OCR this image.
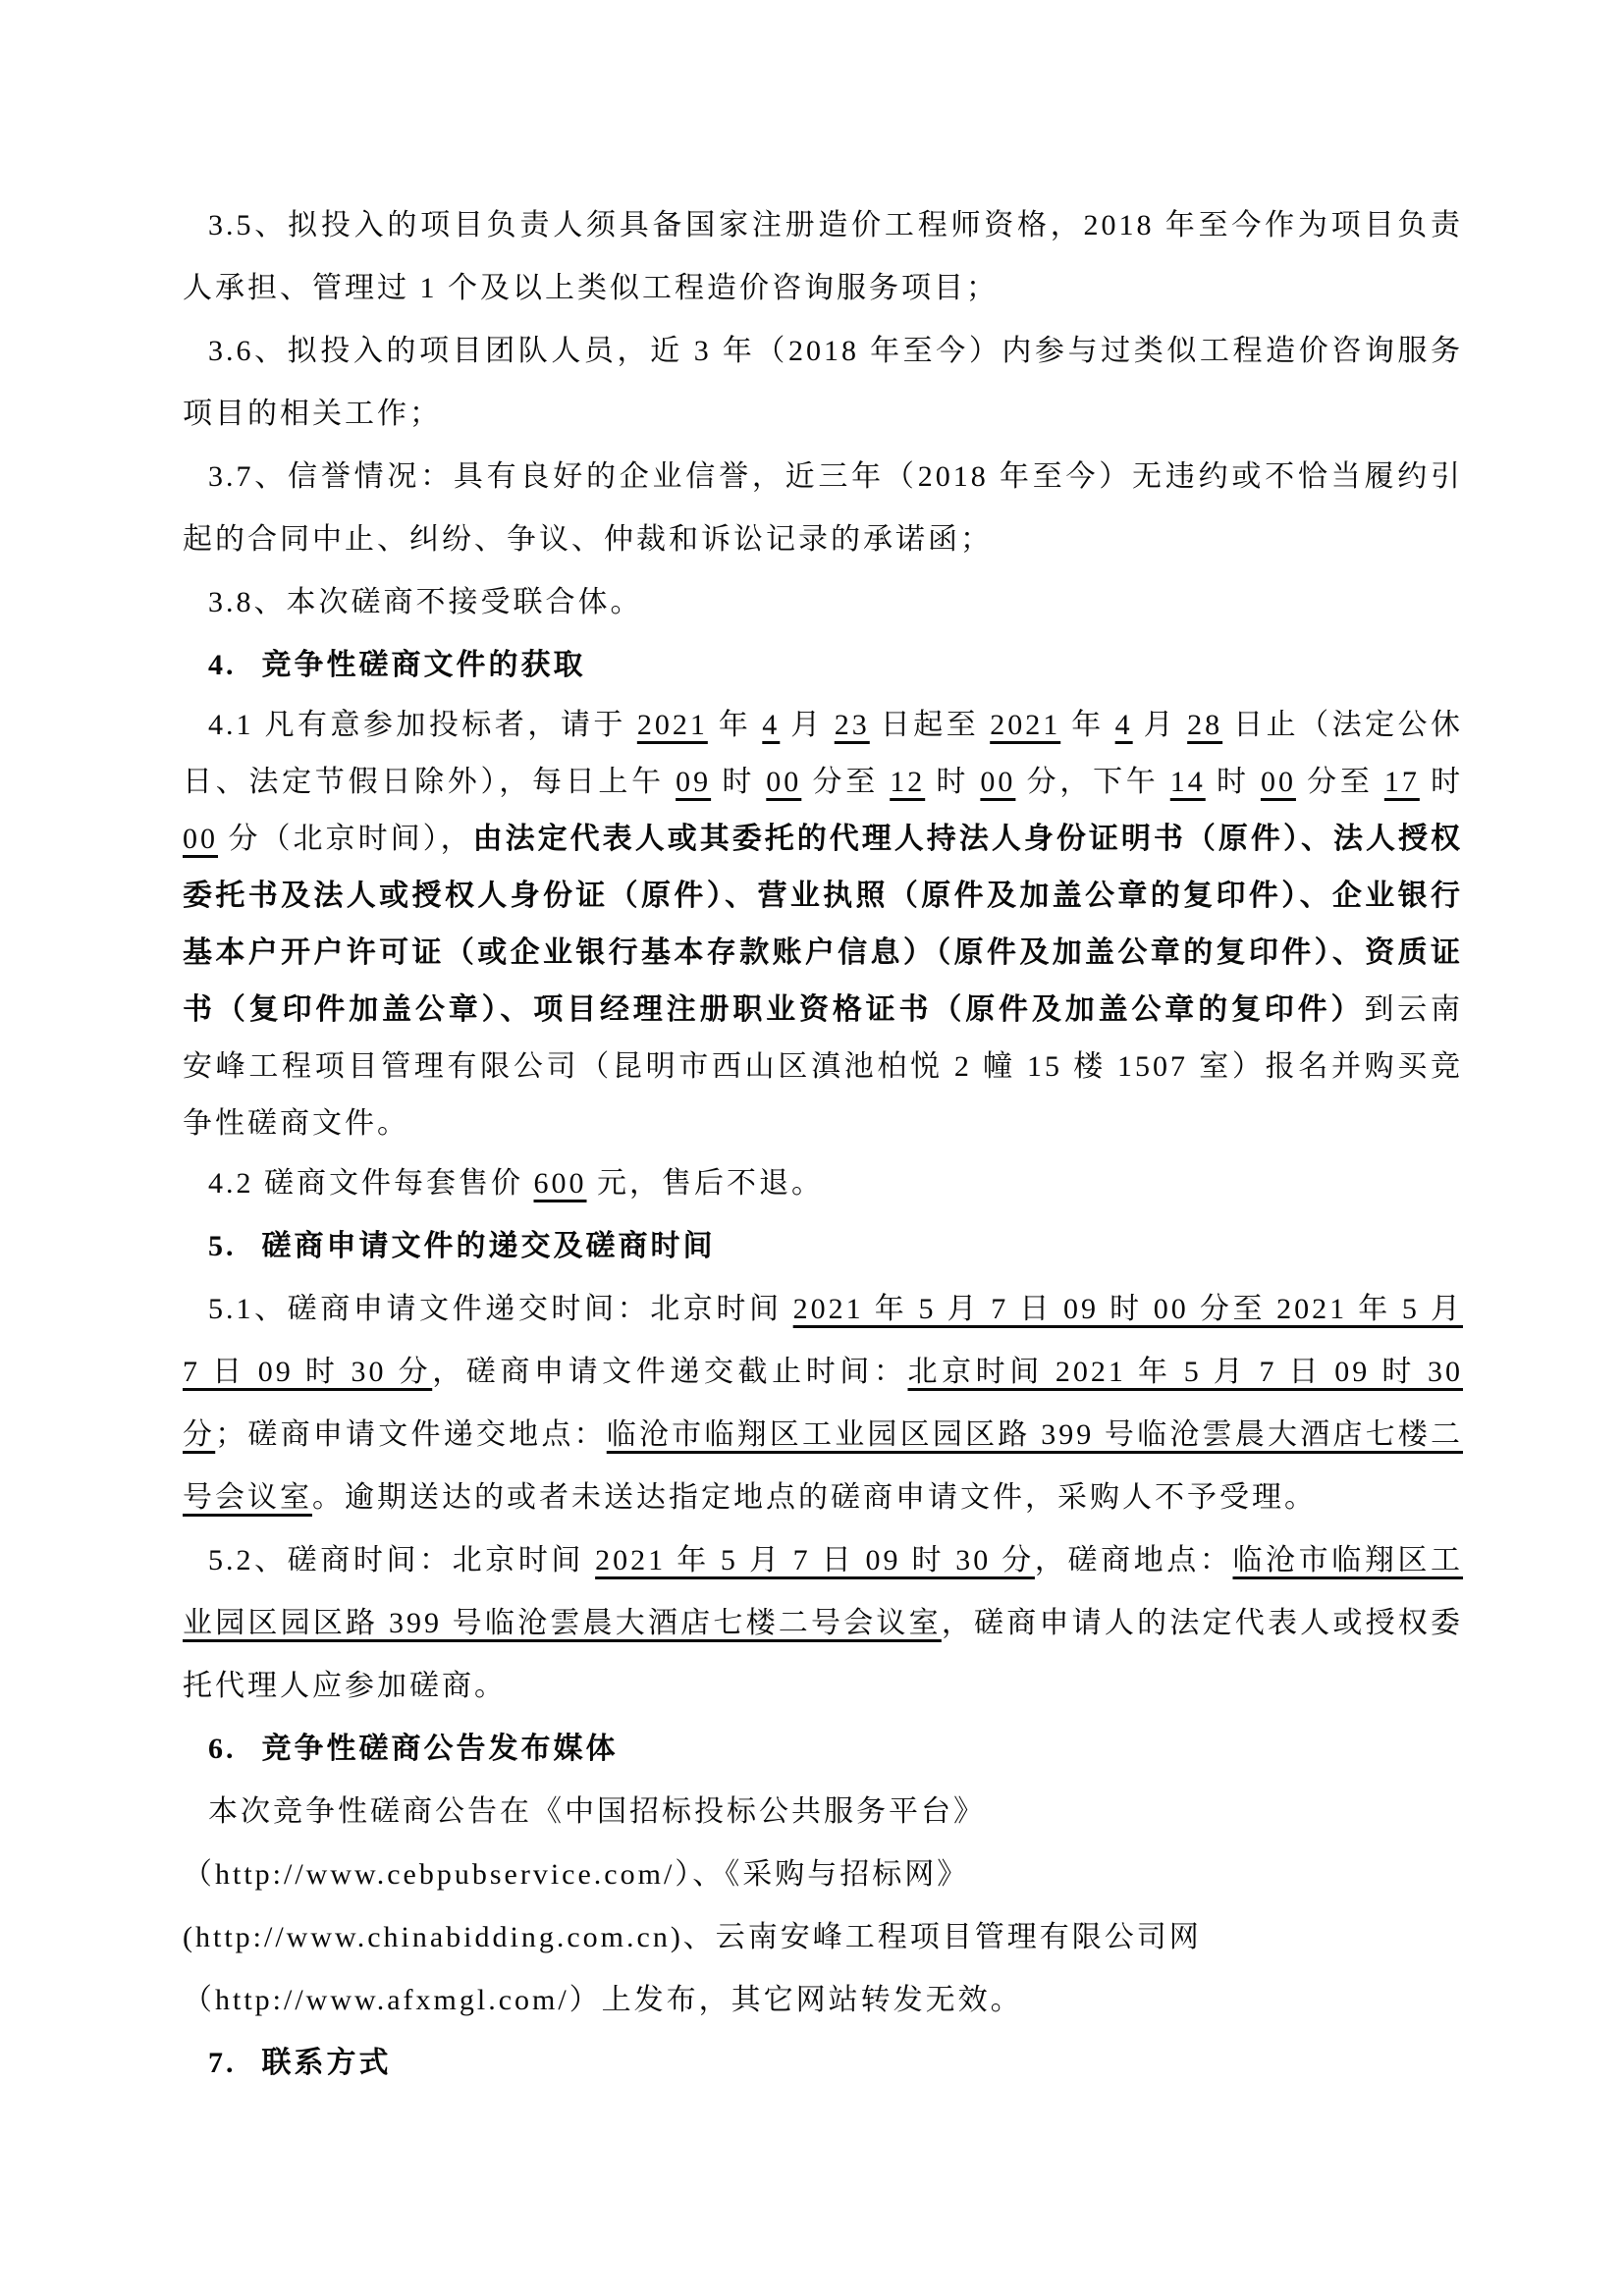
3.5、拟投入的项目负责人须具备国家注册造价工程师资格，2018 年至今作为项目负责人承担、管理过 1 个及以上类似工程造价咨询服务项目；

3.6、拟投入的项目团队人员，近 3 年（2018 年至今）内参与过类似工程造价咨询服务项目的相关工作；

3.7、信誉情况：具有良好的企业信誉，近三年（2018 年至今）无违约或不恰当履约引起的合同中止、纠纷、争议、仲裁和诉讼记录的承诺函；

3.8、本次磋商不接受联合体。

4. 竞争性磋商文件的获取

4.1 凡有意参加投标者，请于 2021 年 4 月 23 日起至 2021 年 4 月 28 日止（法定公休日、法定节假日除外），每日上午 09 时 00 分至 12 时 00 分，下午 14 时 00 分至 17 时 00 分（北京时间），由法定代表人或其委托的代理人持法人身份证明书（原件）、法人授权委托书及法人或授权人身份证（原件）、营业执照（原件及加盖公章的复印件）、企业银行基本户开户许可证（或企业银行基本存款账户信息）（原件及加盖公章的复印件）、资质证书（复印件加盖公章）、项目经理注册职业资格证书（原件及加盖公章的复印件）到云南安峰工程项目管理有限公司（昆明市西山区滇池柏悦 2 幢 15 楼 1507 室）报名并购买竞争性磋商文件。

4.2 磋商文件每套售价 600 元，售后不退。

5. 磋商申请文件的递交及磋商时间

5.1、磋商申请文件递交时间：北京时间 2021 年 5 月 7 日 09 时 00 分至 2021 年 5 月 7 日 09 时 30 分，磋商申请文件递交截止时间：北京时间 2021 年 5 月 7 日 09 时 30 分；磋商申请文件递交地点：临沧市临翔区工业园区园区路 399 号临沧雲晨大酒店七楼二号会议室。逾期送达的或者未送达指定地点的磋商申请文件，采购人不予受理。

5.2、磋商时间：北京时间 2021 年 5 月 7 日 09 时 30 分，磋商地点：临沧市临翔区工业园区园区路 399 号临沧雲晨大酒店七楼二号会议室，磋商申请人的法定代表人或授权委托代理人应参加磋商。

6. 竞争性磋商公告发布媒体

本次竞争性磋商公告在《中国招标投标公共服务平台》

（http://www.cebpubservice.com/）、《采购与招标网》

(http://www.chinabidding.com.cn)、云南安峰工程项目管理有限公司网

（http://www.afxmgl.com/）上发布，其它网站转发无效。

7. 联系方式
